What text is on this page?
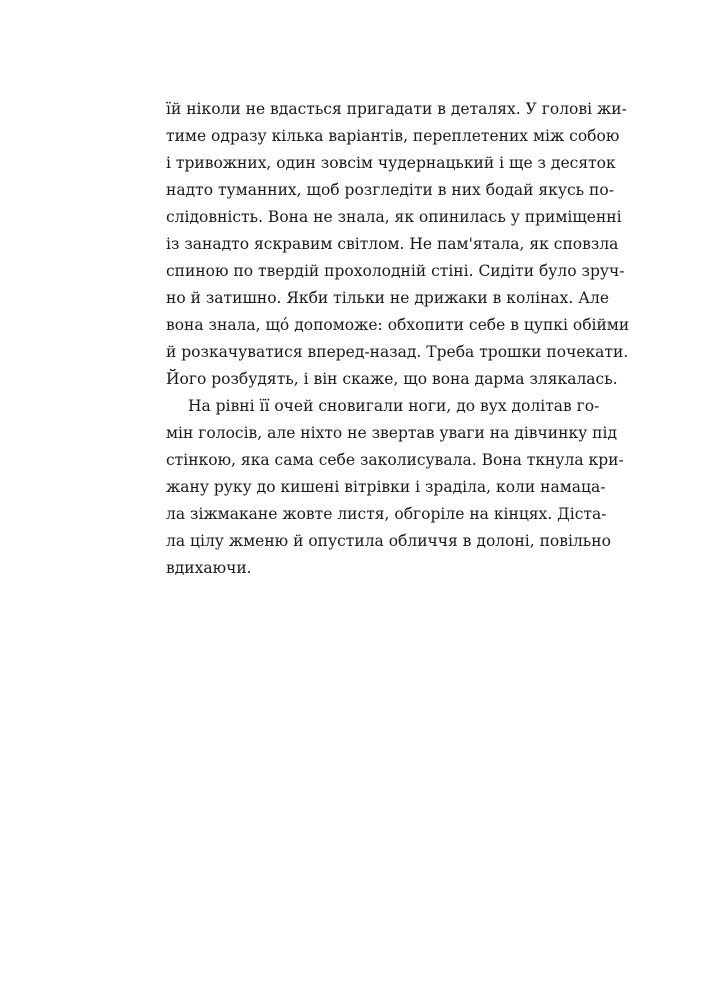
їй ніколи не вдасться пригадати в деталях. У голові жи-
тиме одразу кілька варіантів, переплетених між собою
і тривожних, один зовсім чудернацький і ще з десяток
надто туманних, щоб розгледіти в них бодай якусь по-
слідовність. Вона не знала, як опинилась у приміщенні
із занадто яскравим світлом. Не пам'ятала, як сповзла
спиною по твердій прохолодній стіні. Сидіти було зруч-
но й затишно. Якби тільки не дрижаки в колінах. Але
вона знала, щó допоможе: обхопити себе в цупкі обійми
й розкачуватися вперед-назад. Треба трошки почекати.
Його розбудять, і він скаже, що вона дарма злякалась.
На рівні її очей сновигали ноги, до вух долітав го-
мін голосів, але ніхто не звертав уваги на дівчинку під
стінкою, яка сама себе заколисувала. Вона ткнула кри-
жану руку до кишені вітрівки і зраділа, коли намаца-
ла зіжмакане жовте листя, обгоріле на кінцях. Діста-
ла цілу жменю й опустила обличчя в долоні, повільно
вдихаючи.
